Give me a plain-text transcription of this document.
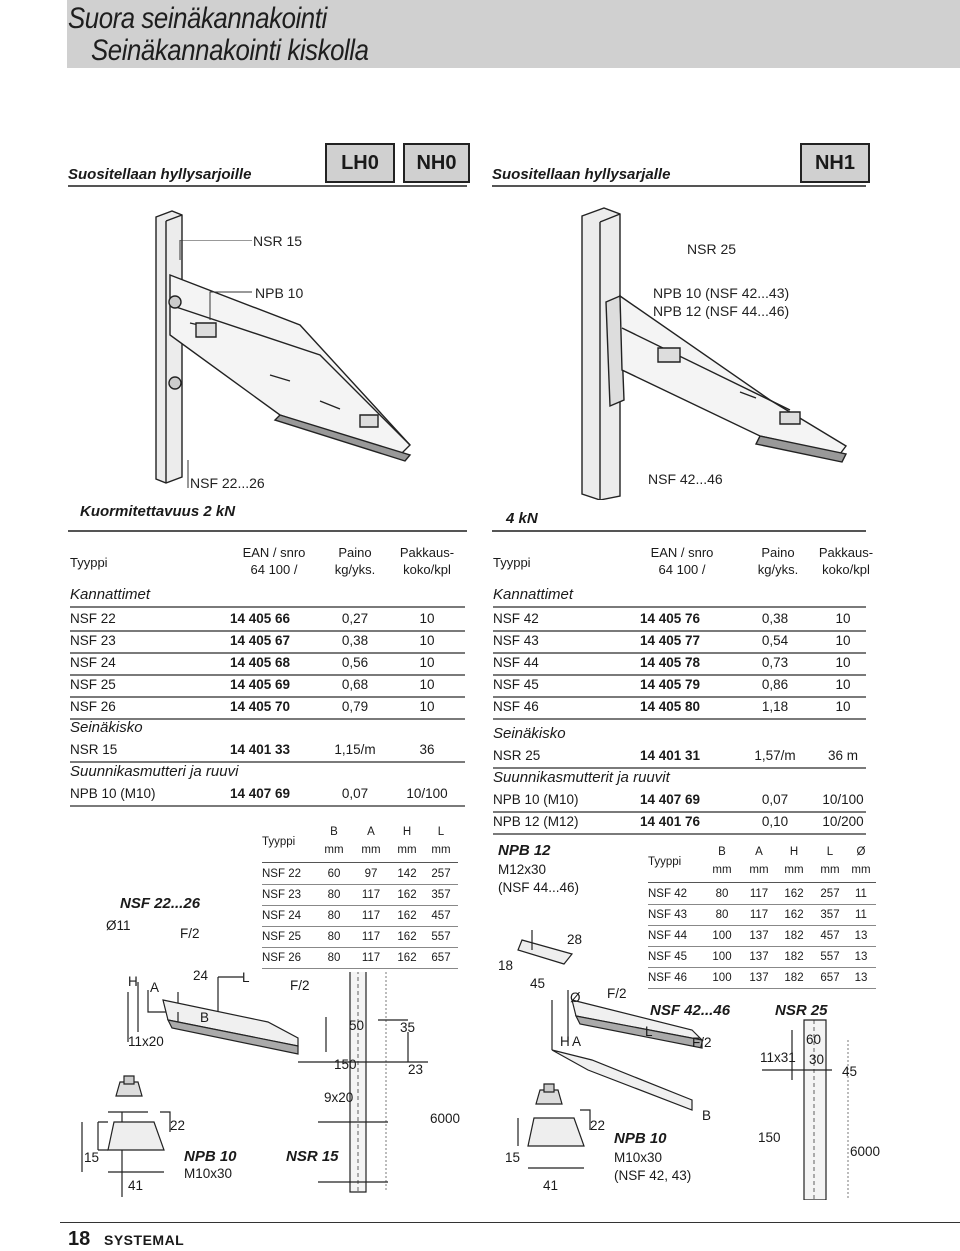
Suora seinäkannakointi
Seinäkannakointi kiskolla
Suositellaan hyllysarjoille
LH0	NH0
Suositellaan hyllysarjalle
NH1
NSR 15
NPB 10
NSF 22...26
Kuormitettavuus 2 kN
NSR 25
NPB 10 (NSF 42...43)
NPB 12 (NSF 44...46)
NSF 42...46
4 kN
Tyyppi
EAN / snro
64 100 /
Paino
kg/yks.
Pakkaus-
koko/kpl
Kannattimet
NSF 22	14 405 66	0,27	10
NSF 23	14 405 67	0,38	10
NSF 24	14 405 68	0,56	10
NSF 25	14 405 69	0,68	10
NSF 26	14 405 70	0,79	10
Seinäkisko
NSR 15	14 401 33	1,15/m	36
Suunnikasmutteri ja ruuvi
NPB 10 (M10)	14 407 69	0,07	10/100
Tyyppi
EAN / snro
64 100 /
Paino
kg/yks.
Pakkaus-
koko/kpl
Kannattimet
NSF 42	14 405 76	0,38	10
NSF 43	14 405 77	0,54	10
NSF 44	14 405 78	0,73	10
NSF 45	14 405 79	0,86	10
NSF 46	14 405 80	1,18	10
Seinäkisko
NSR 25	14 401 31	1,57/m	36 m
Suunnikasmutterit ja ruuvit
NPB 10 (M10)	14 407 69	0,07	10/100
NPB 12 (M12)	14 401 76	0,10	10/200
Tyyppi
B	A	H	L
mm	mm	mm	mm
NSF 22	60	97	142	257
NSF 23	80	117	162	357
NSF 24	80	117	162	457
NSF 25	80	117	162	557
NSF 26	80	117	162	657
Tyyppi
B	A	H	L	Ø
mm	mm	mm	mm	mm
NSF 42	80	117	162	257	11
NSF 43	80	117	162	357	11
NSF 44	100	137	182	457	13
NSF 45	100	137	182	557	13
NSF 46	100	137	182	657	13
NSF 22...26
Ø11
F/2
H A
24	L
F/2
B
11x20
50	35
150	23
9x20
6000
15
22
41
NPB 10
M10x30
NSR 15
NPB 12
M12x30
(NSF 44...46)
28
18
45
Ø F/2
NSF 42...46	NSR 25
L
F/2
H A	60
11x31 30
45
B
150
6000
15
22
41
NPB 10
M10x30
(NSF 42, 43)
18 SYSTEMAL
